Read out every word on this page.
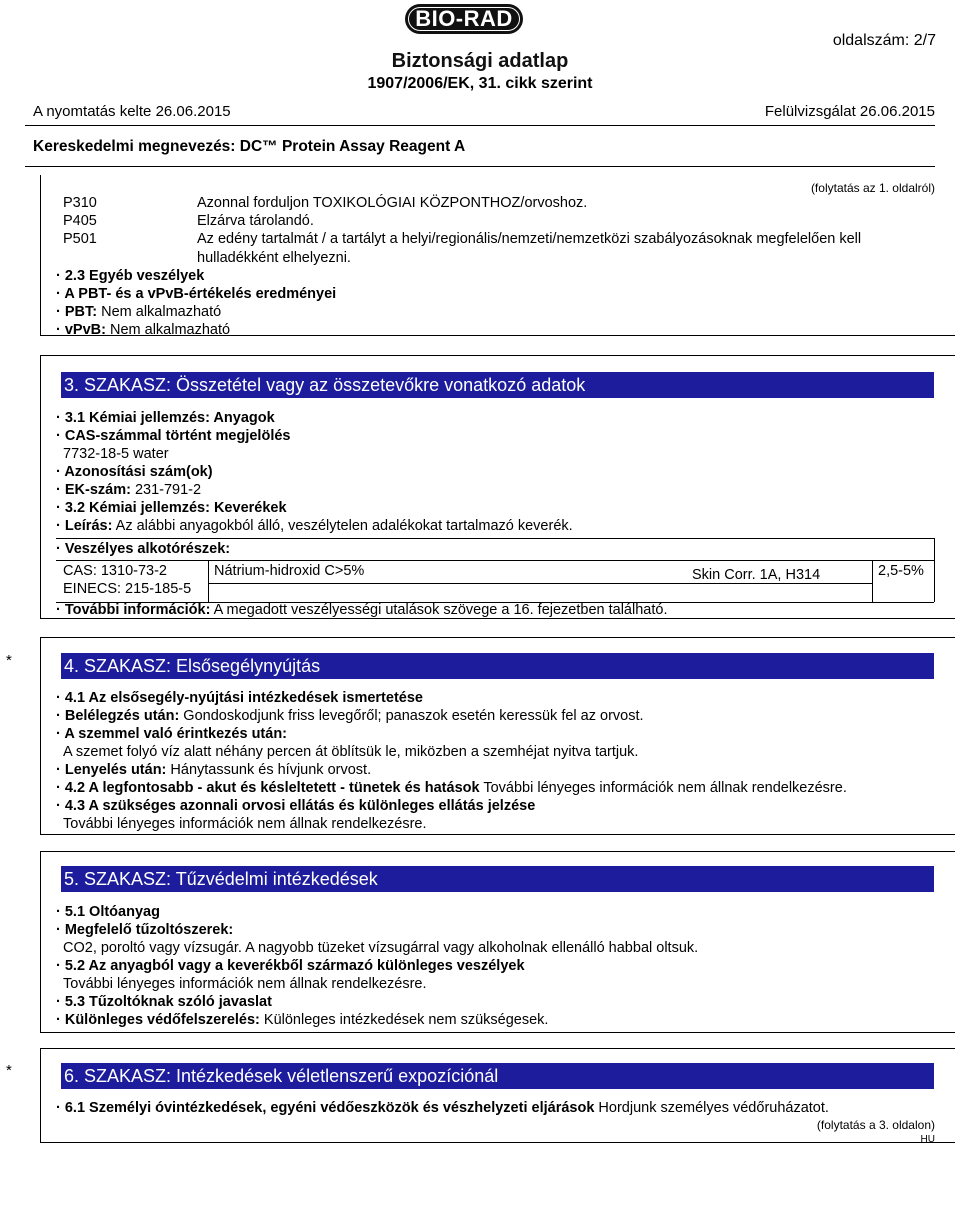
BIO-RAD
oldalszám: 2/7
Biztonsági adatlap
1907/2006/EK, 31. cikk szerint
A nyomtatás kelte 26.06.2015	Felülvizsgálat 26.06.2015
Kereskedelmi megnevezés: DC™ Protein Assay Reagent A
(folytatás az 1. oldalról)
P310	Azonnal forduljon TOXIKOLÓGIAI KÖZPONTHOZ/orvoshoz.
P405	Elzárva tárolandó.
P501	Az edény tartalmát / a tartályt a helyi/regionális/nemzeti/nemzetközi szabályozásoknak megfelelően kell
hulladékként elhelyezni.
· 2.3 Egyéb veszélyek
· A PBT- és a vPvB-értékelés eredményei
· PBT: Nem alkalmazható
· vPvB: Nem alkalmazható
3. SZAKASZ: Összetétel vagy az összetevőkre vonatkozó adatok
· 3.1 Kémiai jellemzés: Anyagok
· CAS-számmal történt megjelölés
7732-18-5 water
· Azonosítási szám(ok)
· EK-szám: 231-791-2
· 3.2 Kémiai jellemzés: Keverékek
· Leírás: Az alábbi anyagokból álló, veszélytelen adalékokat tartalmazó keverék.
· Veszélyes alkotórészek:
CAS: 1310-73-2
EINECS: 215-185-5
Nátrium-hidroxid C>5%	Skin Corr. 1A, H314	2,5-5%
· További információk: A megadott veszélyességi utalások szövege a 16. fejezetben található.
*	4. SZAKASZ: Elsősegélynyújtás
· 4.1 Az elsősegély-nyújtási intézkedések ismertetése
· Belélegzés után: Gondoskodjunk friss levegőről; panaszok esetén keressük fel az orvost.
· A szemmel való érintkezés után:
A szemet folyó víz alatt néhány percen át öblítsük le, miközben a szemhéjat nyitva tartjuk.
· Lenyelés után: Hánytassunk és hívjunk orvost.
· 4.2 A legfontosabb - akut és késleltetett - tünetek és hatások További lényeges információk nem állnak rendelkezésre.
· 4.3 A szükséges azonnali orvosi ellátás és különleges ellátás jelzése
További lényeges információk nem állnak rendelkezésre.
5. SZAKASZ: Tűzvédelmi intézkedések
· 5.1 Oltóanyag
· Megfelelő tűzoltószerek:
CO2, poroltó vagy vízsugár. A nagyobb tüzeket vízsugárral vagy alkoholnak ellenálló habbal oltsuk.
· 5.2 Az anyagból vagy a keverékből származó különleges veszélyek
További lényeges információk nem állnak rendelkezésre.
· 5.3 Tűzoltóknak szóló javaslat
· Különleges védőfelszerelés: Különleges intézkedések nem szükségesek.
*	6. SZAKASZ: Intézkedések véletlenszerű expozíciónál
· 6.1 Személyi óvintézkedések, egyéni védőeszközök és vészhelyzeti eljárások Hordjunk személyes védőruházatot.
(folytatás a 3. oldalon)
HU
